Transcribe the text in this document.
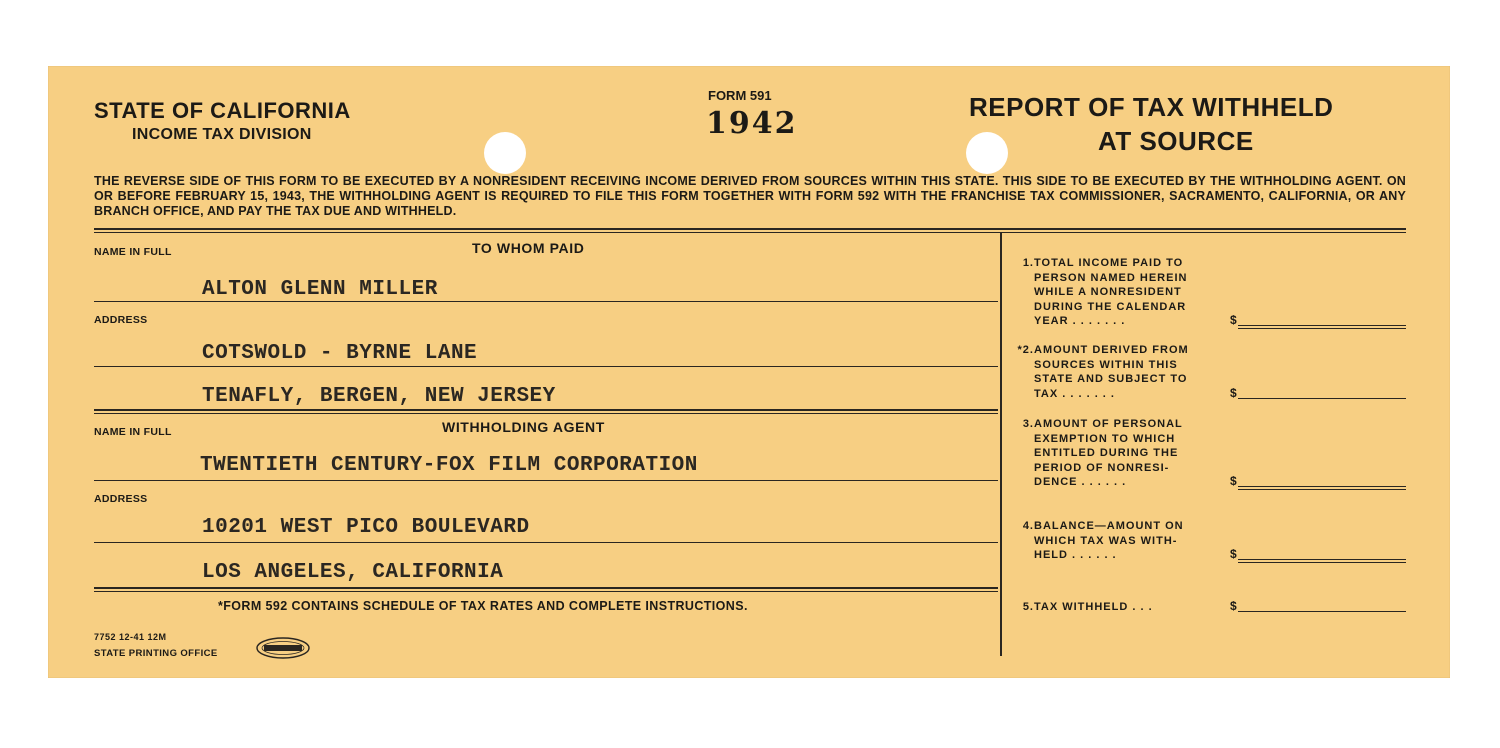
STATE OF CALIFORNIA
INCOME TAX DIVISION
FORM 591
1942	REPORT OF TAX WITHHELD
AT SOURCE
THE REVERSE SIDE OF THIS FORM TO BE EXECUTED BY A NONRESIDENT RECEIVING INCOME DERIVED FROM SOURCES WITHIN THIS STATE. THIS SIDE TO BE EXECUTED BY THE WITHHOLDING AGENT. ON OR BEFORE FEBRUARY 15, 1943, THE WITHHOLDING AGENT IS REQUIRED TO FILE THIS FORM TOGETHER WITH FORM 592 WITH THE FRANCHISE TAX COMMISSIONER, SACRAMENTO, CALIFORNIA, OR ANY BRANCH OFFICE, AND PAY THE TAX DUE AND WITHHELD.
NAME IN FULL	TO WHOM PAID
ALTON GLENN MILLER
ADDRESS
COTSWOLD - BYRNE LANE
TENAFLY, BERGEN, NEW JERSEY
NAME IN FULL	WITHHOLDING AGENT
TWENTIETH CENTURY-FOX FILM CORPORATION
ADDRESS
10201 WEST PICO BOULEVARD
LOS ANGELES, CALIFORNIA
1. TOTAL INCOME PAID TO
PERSON NAMED HEREIN
WHILE A NONRESIDENT
DURING THE CALENDAR
YEAR . . . . . . .	$
*2. AMOUNT DERIVED FROM
SOURCES WITHIN THIS
STATE AND SUBJECT TO
TAX . . . . . . .	$
3. AMOUNT OF PERSONAL
EXEMPTION TO WHICH
ENTITLED DURING THE
PERIOD OF NONRESI-
DENCE . . . . . .	$
4. BALANCE—AMOUNT ON
WHICH TAX WAS WITH-
HELD . . . . . .	$
5. TAX WITHHELD . . .	$
*FORM 592 CONTAINS SCHEDULE OF TAX RATES AND COMPLETE INSTRUCTIONS.
7752 12-41 12M
STATE PRINTING OFFICE
